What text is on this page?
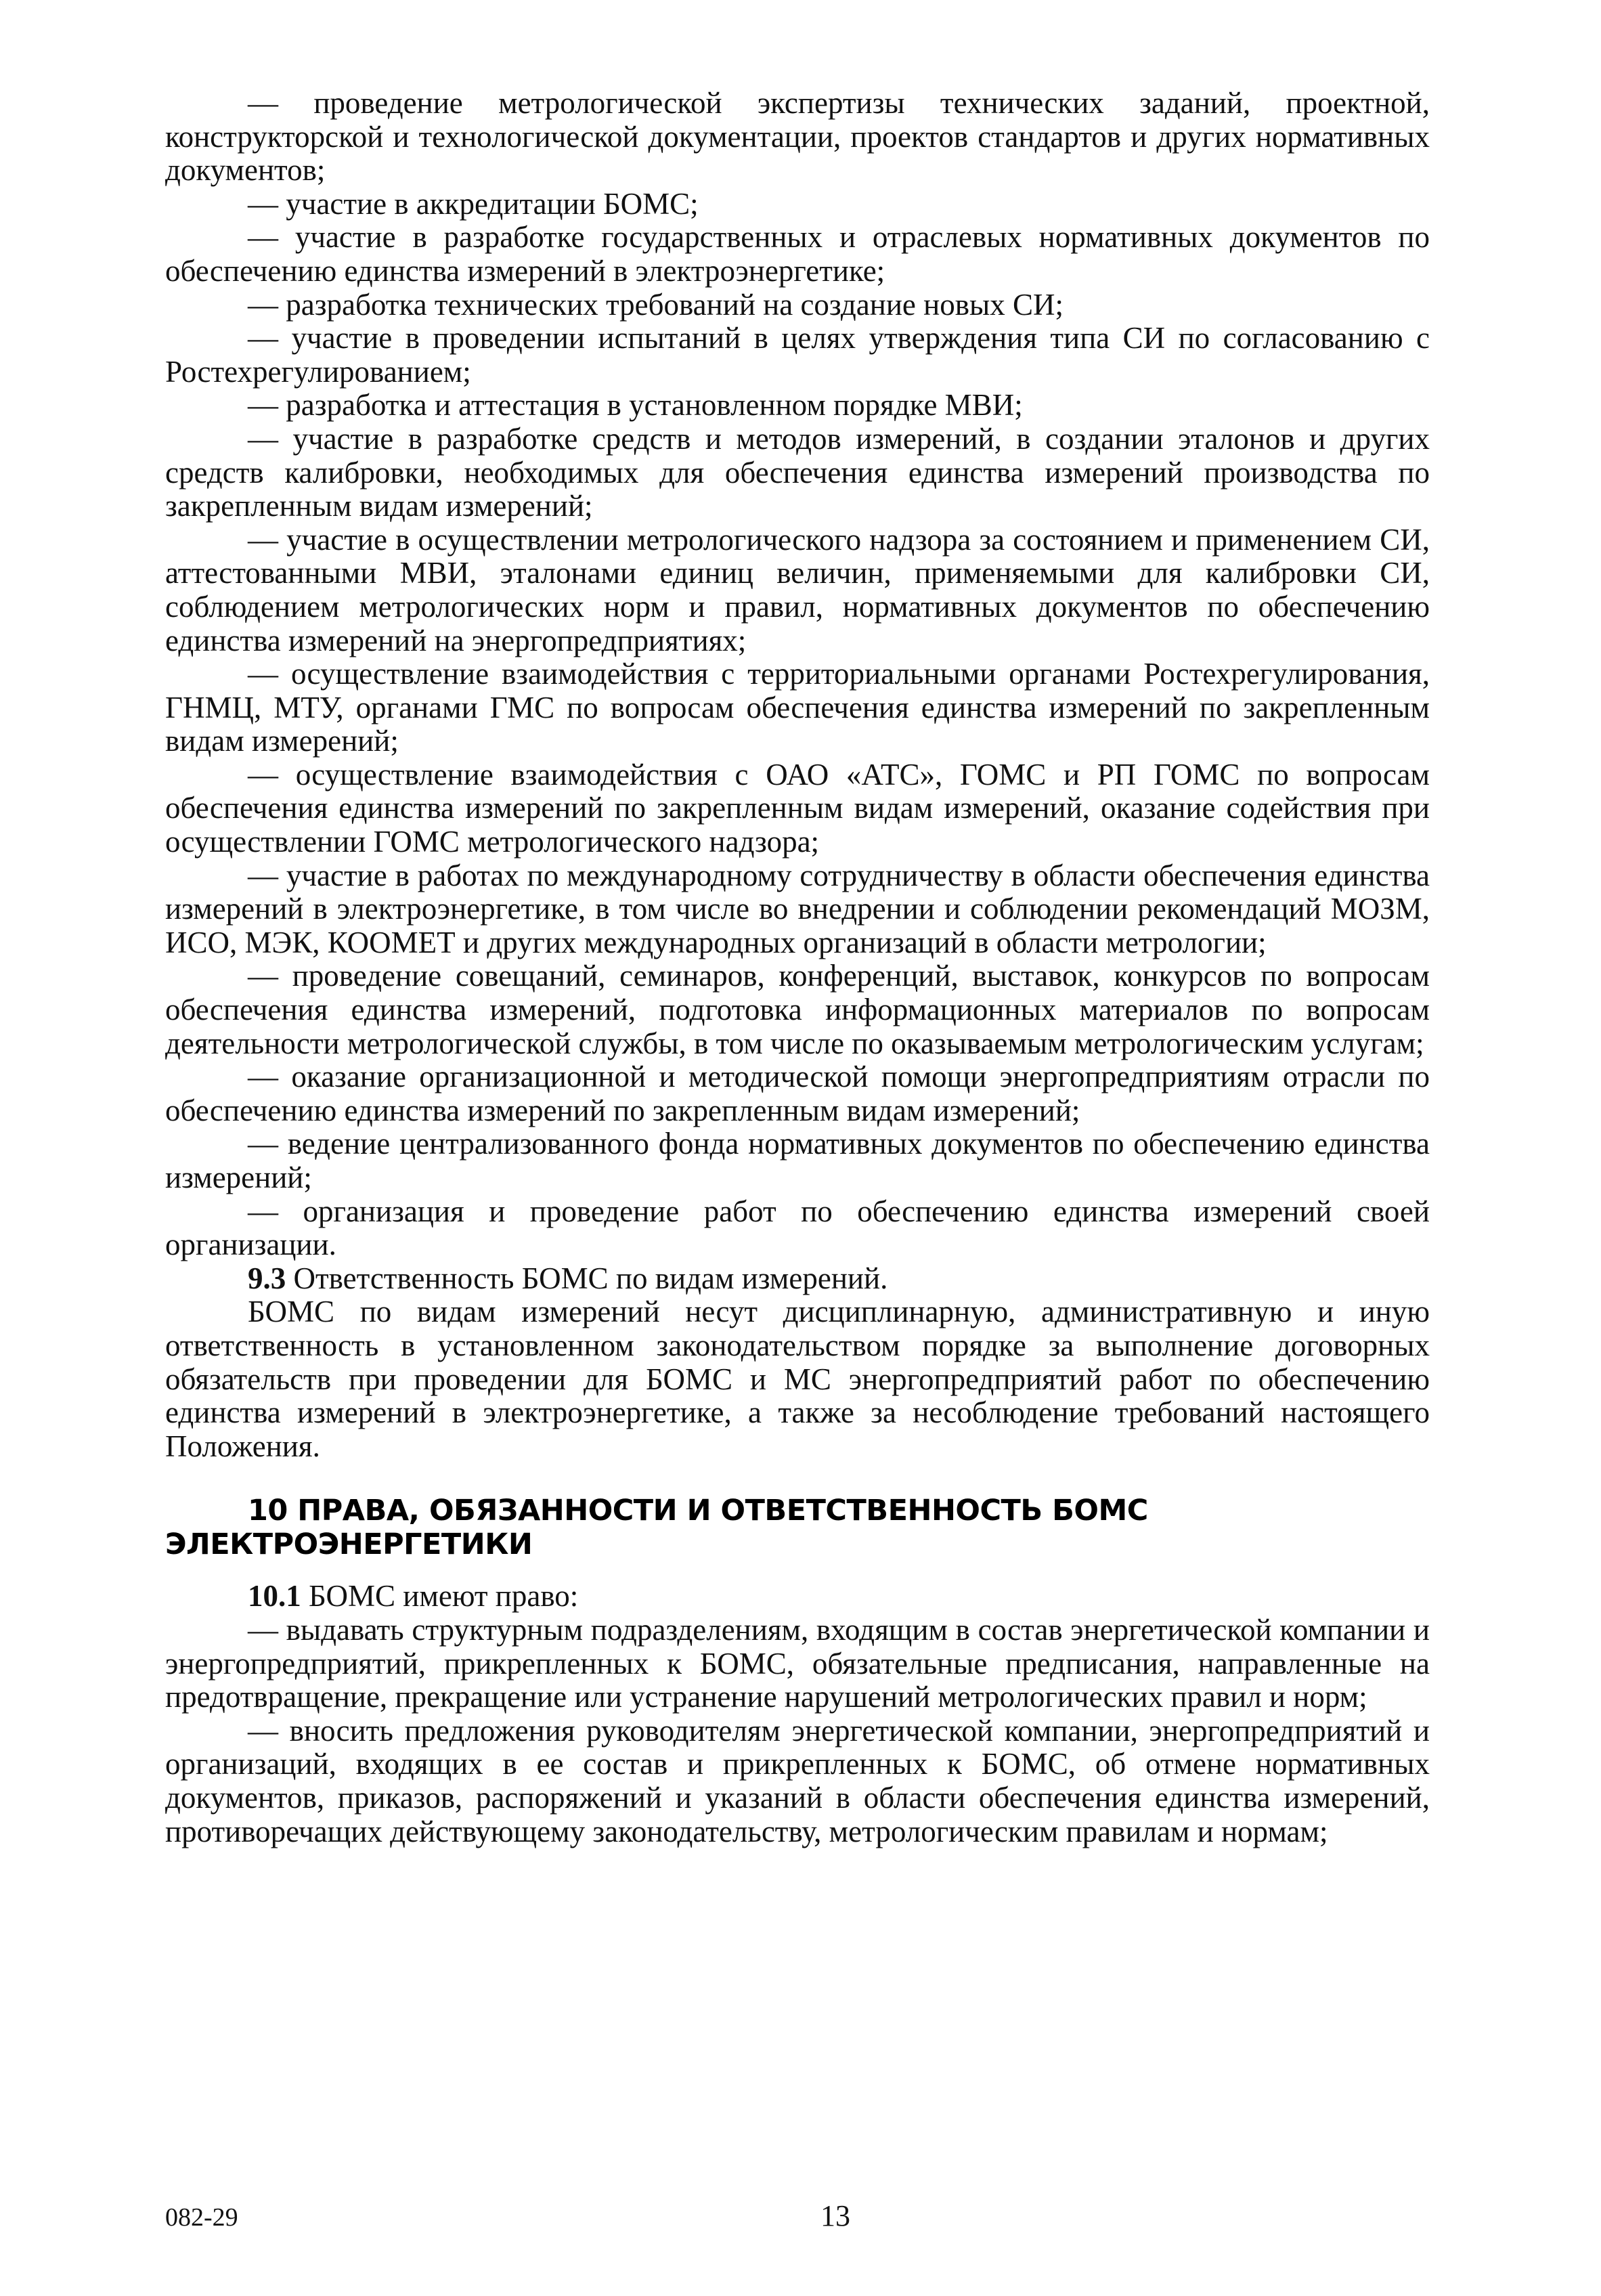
— проведение метрологической экспертизы технических заданий, проектной, конструкторской и технологической документации, проектов стандартов и других нормативных документов;

— участие в аккредитации БОМС;

— участие в разработке государственных и отраслевых нормативных документов по обеспечению единства измерений в электроэнергетике;

— разработка технических требований на создание новых СИ;

— участие в проведении испытаний в целях утверждения типа СИ по согласованию с Ростехрегулированием;

— разработка и аттестация в установленном порядке МВИ;

— участие в разработке средств и методов измерений, в создании эталонов и других средств калибровки, необходимых для обеспечения единства измерений производства по закрепленным видам измерений;

— участие в осуществлении метрологического надзора за состоянием и применением СИ, аттестованными МВИ, эталонами единиц величин, применяемыми для калибровки СИ, соблюдением метрологических норм и правил, нормативных документов по обеспечению единства измерений на энергопредприятиях;

— осуществление взаимодействия с территориальными органами Ростехрегулирования, ГНМЦ, МТУ, органами ГМС по вопросам обеспечения единства измерений по закрепленным видам измерений;

— осуществление взаимодействия с ОАО «АТС», ГОМС и РП ГОМС по вопросам обеспечения единства измерений по закрепленным видам измерений, оказание содействия при осуществлении ГОМС метрологического надзора;

— участие в работах по международному сотрудничеству в области обеспечения единства измерений в электроэнергетике, в том числе во внедрении и соблюдении рекомендаций МОЗМ, ИСО, МЭК, КООМЕТ и других международных организаций в области метрологии;

— проведение совещаний, семинаров, конференций, выставок, конкурсов по вопросам обеспечения единства измерений, подготовка информационных материалов по вопросам деятельности метрологической службы, в том числе по оказываемым метрологическим услугам;

— оказание организационной и методической помощи энергопредприятиям отрасли по обеспечению единства измерений по закрепленным видам измерений;

— ведение централизованного фонда нормативных документов по обеспечению единства измерений;

— организация и проведение работ по обеспечению единства измерений своей организации.

9.3 Ответственность БОМС по видам измерений.

БОМС по видам измерений несут дисциплинарную, административную и иную ответственность в установленном законодательством порядке за выполнение договорных обязательств при проведении для БОМС и МС энергопредприятий работ по обеспечению единства измерений в электроэнергетике, а также за несоблюдение требований настоящего Положения.

10 ПРАВА, ОБЯЗАННОСТИ И ОТВЕТСТВЕННОСТЬ БОМС
ЭЛЕКТРОЭНЕРГЕТИКИ

10.1 БОМС имеют право:

— выдавать структурным подразделениям, входящим в состав энергетической компании и энергопредприятий, прикрепленных к БОМС, обязательные предписания, направленные на предотвращение, прекращение или устранение нарушений метрологических правил и норм;

— вносить предложения руководителям энергетической компании, энергопредприятий и организаций, входящих в ее состав и прикрепленных к БОМС, об отмене нормативных документов, приказов, распоряжений и указаний в области обеспечения единства измерений, противоречащих действующему законодательству, метрологическим правилам и нормам;

082-29	13
